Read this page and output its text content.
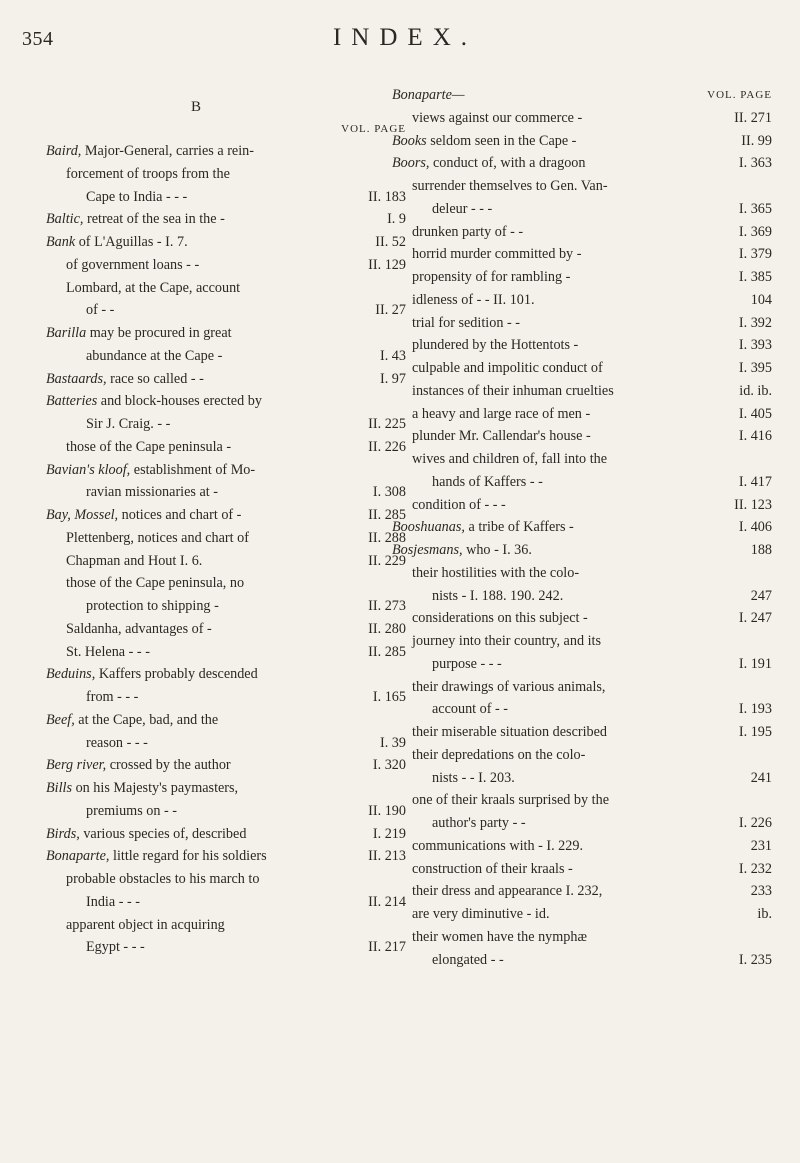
354	INDEX.
B
VOL. PAGE
Baird, Major-General, carries a rein-
forcement of troops from the
Cape to India - - -	II. 183
Baltic, retreat of the sea in the -	I. 9
Bank of L'Aguillas - I. 7.	II. 52
of government loans - -	II. 129
Lombard, at the Cape, account
of - -	II. 27
Barilla may be procured in great
abundance at the Cape -	I. 43
Bastaards, race so called - -	I. 97
Batteries and block-houses erected by
Sir J. Craig. - -	II. 225
those of the Cape peninsula -	II. 226
Bavian's kloof, establishment of Mo-
ravian missionaries at -	I. 308
Bay, Mossel, notices and chart of -	II. 285
Plettenberg, notices and chart of	II. 288
Chapman and Hout I. 6.	II. 229
those of the Cape peninsula, no
protection to shipping -	II. 273
Saldanha, advantages of -	II. 280
St. Helena - - -	II. 285
Beduins, Kaffers probably descended
from - - -	I. 165
Beef, at the Cape, bad, and the
reason - - -	I. 39
Berg river, crossed by the author	I. 320
Bills on his Majesty's paymasters,
premiums on - -	II. 190
Birds, various species of, described	I. 219
Bonaparte, little regard for his soldiers	II. 213
probable obstacles to his march to
India - - -	II. 214
apparent object in acquiring
Egypt - - -	II. 217
Bonaparte—	VOL. PAGE
views against our commerce -	II. 271
Books seldom seen in the Cape -	II. 99
Boors, conduct of, with a dragoon	I. 363
surrender themselves to Gen. Van-
deleur - - -	I. 365
drunken party of - -	I. 369
horrid murder committed by -	I. 379
propensity of for rambling -	I. 385
idleness of - - II. 101.	104
trial for sedition - -	I. 392
plundered by the Hottentots -	I. 393
culpable and impolitic conduct of	I. 395
instances of their inhuman cruelties	id. ib.
a heavy and large race of men -	I. 405
plunder Mr. Callendar's house -	I. 416
wives and children of, fall into the
hands of Kaffers - -	I. 417
condition of - - -	II. 123
Booshuanas, a tribe of Kaffers -	I. 406
Bosjesmans, who - I. 36.	188
their hostilities with the colo-
nists - I. 188. 190. 242.	247
considerations on this subject -	I. 247
journey into their country, and its
purpose - - -	I. 191
their drawings of various animals,
account of - -	I. 193
their miserable situation described	I. 195
their depredations on the colo-
nists - - I. 203.	241
one of their kraals surprised by the
author's party - -	I. 226
communications with - I. 229.	231
construction of their kraals -	I. 232
their dress and appearance I. 232,	233
are very diminutive - id.	ib.
their women have the nymphæ
elongated - -	I. 235
